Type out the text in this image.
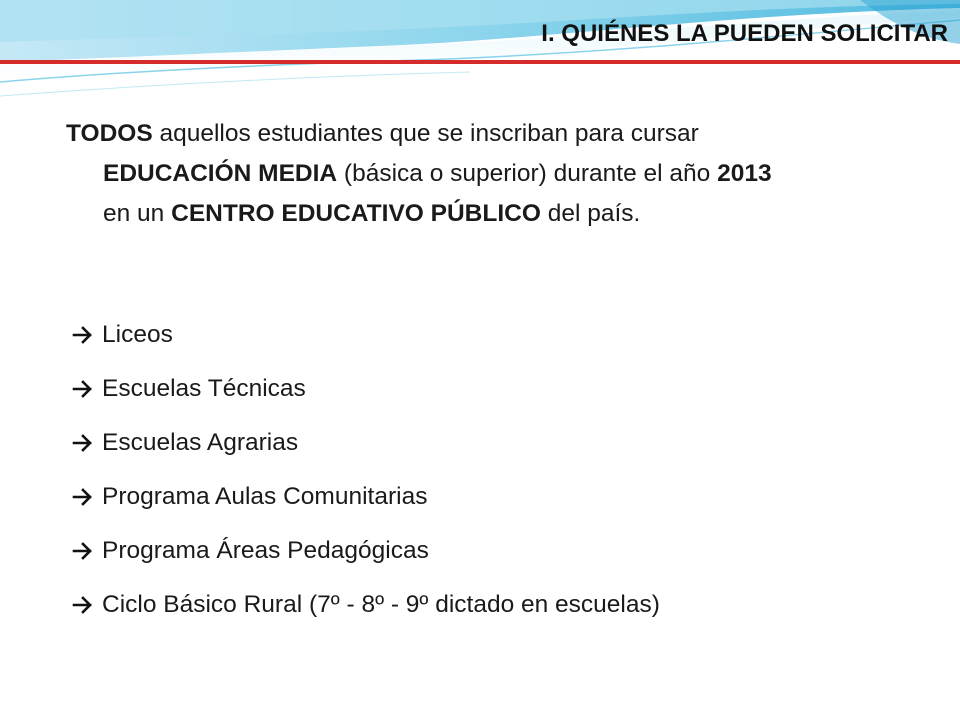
I. QUIÉNES LA PUEDEN SOLICITAR
TODOS aquellos estudiantes que se inscriban para cursar
EDUCACIÓN MEDIA (básica o superior) durante el año 2013
en un CENTRO EDUCATIVO PÚBLICO del país.
Liceos
Escuelas Técnicas
Escuelas Agrarias
Programa Aulas Comunitarias
Programa Áreas Pedagógicas
Ciclo Básico Rural (7º - 8º - 9º dictado en escuelas)
